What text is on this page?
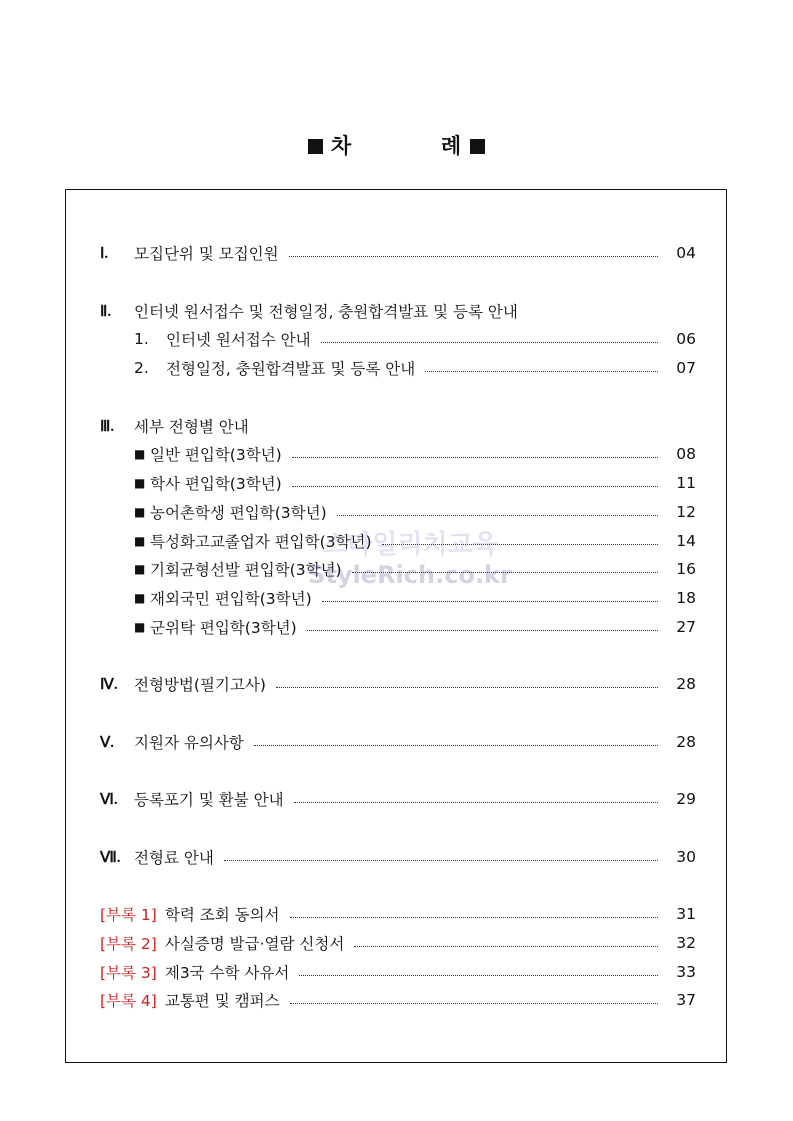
차	례
Ⅰ.	모집단위 및 모집인원	04
Ⅱ.	인터넷 원서접수 및 전형일정, 충원합격발표 및 등록 안내
1.	인터넷 원서접수 안내	06
2.	전형일정, 충원합격발표 및 등록 안내	07
Ⅲ.	세부 전형별 안내
■ 일반 편입학(3학년)	08
■ 학사 편입학(3학년)	11
■ 농어촌학생 편입학(3학년)	12
■ 특성화고교졸업자 편입학(3학년)	14
■ 기회균형선발 편입학(3학년)	16
■ 재외국민 편입학(3학년)	18
■ 군위탁 편입학(3학년)	27
Ⅳ.	전형방법(필기고사)	28
Ⅴ.	지원자 유의사항	28
Ⅵ.	등록포기 및 환불 안내	29
Ⅶ. 전형료 안내	30
[부록 1] 학력 조회 동의서	31
[부록 2] 사실증명 발급·열람 신청서	32
[부록 3] 제3국 수학 사유서	33
[부록 4] 교통편 및 캠퍼스	37
스타일리치교육
StyleRich.co.kr
